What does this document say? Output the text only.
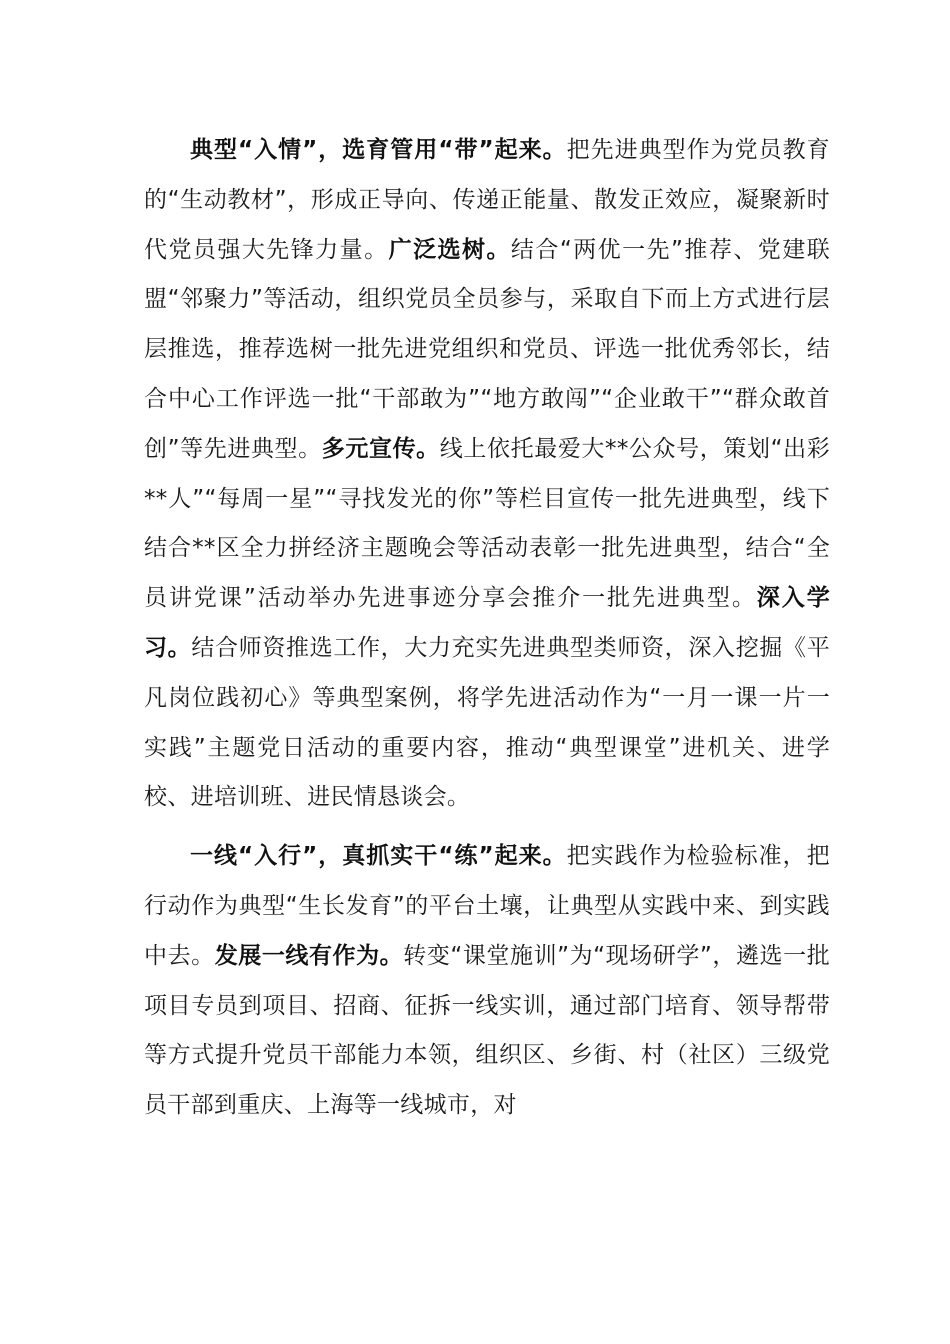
典型“入情”，选育管用“带”起来。把先进典型作为党员教育的“生动教材”，形成正导向、传递正能量、散发正效应，凝聚新时代党员强大先锋力量。广泛选树。结合“两优一先”推荐、党建联盟“邻聚力”等活动，组织党员全员参与，采取自下而上方式进行层层推选，推荐选树一批先进党组织和党员、评选一批优秀邻长，结合中心工作评选一批“干部敢为”“地方敢闯”“企业敢干”“群众敢首创”等先进典型。多元宣传。线上依托最爱大**公众号，策划“出彩**人”“每周一星”“寻找发光的你”等栏目宣传一批先进典型，线下结合**区全力拼经济主题晚会等活动表彰一批先进典型，结合“全员讲党课”活动举办先进事迹分享会推介一批先进典型。深入学习。结合师资推选工作，大力充实先进典型类师资，深入挖掘《平凡岗位践初心》等典型案例，将学先进活动作为“一月一课一片一实践”主题党日活动的重要内容，推动“典型课堂”进机关、进学校、进培训班、进民情恳谈会。

一线“入行”，真抓实干“练”起来。把实践作为检验标准，把行动作为典型“生长发育”的平台土壤，让典型从实践中来、到实践中去。发展一线有作为。转变“课堂施训”为“现场研学”，遴选一批项目专员到项目、招商、征拆一线实训，通过部门培育、领导帮带等方式提升党员干部能力本领，组织区、乡街、村（社区）三级党员干部到重庆、上海等一线城市，对
